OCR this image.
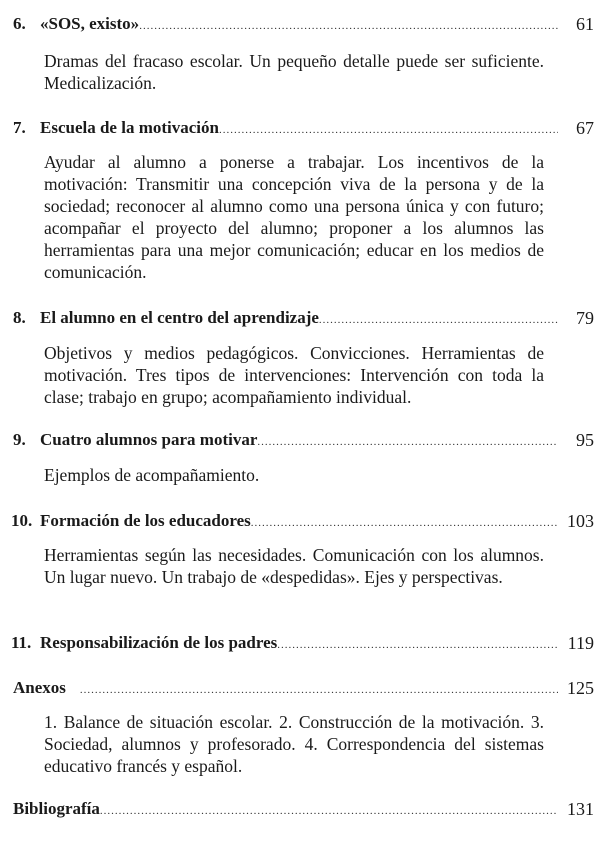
6. «SOS, existo» .....	61
Dramas del fracaso escolar. Un pequeño detalle puede ser suficiente. Medicalización.
7. Escuela de la motivación .....	67
Ayudar al alumno a ponerse a trabajar. Los incentivos de la motivación: Transmitir una concepción viva de la persona y de la sociedad; reconocer al alumno como una persona única y con futuro; acompañar el proyecto del alumno; proponer a los alumnos las herramientas para una mejor comunicación; educar en los medios de comunicación.
8. El alumno en el centro del aprendizaje .....	79
Objetivos y medios pedagógicos. Convicciones. Herramientas de motivación. Tres tipos de intervenciones: Intervención con toda la clase; trabajo en grupo; acompañamiento individual.
9. Cuatro alumnos para motivar .....	95
Ejemplos de acompañamiento.
10. Formación de los educadores .....	103
Herramientas según las necesidades. Comunicación con los alumnos. Un lugar nuevo. Un trabajo de «despedidas». Ejes y perspectivas.
11. Responsabilización de los padres .....	119
Anexos .....	125
1. Balance de situación escolar. 2. Construcción de la motivación. 3. Sociedad, alumnos y profesorado. 4. Correspondencia del sistemas educativo francés y español.
Bibliografía .....	131
